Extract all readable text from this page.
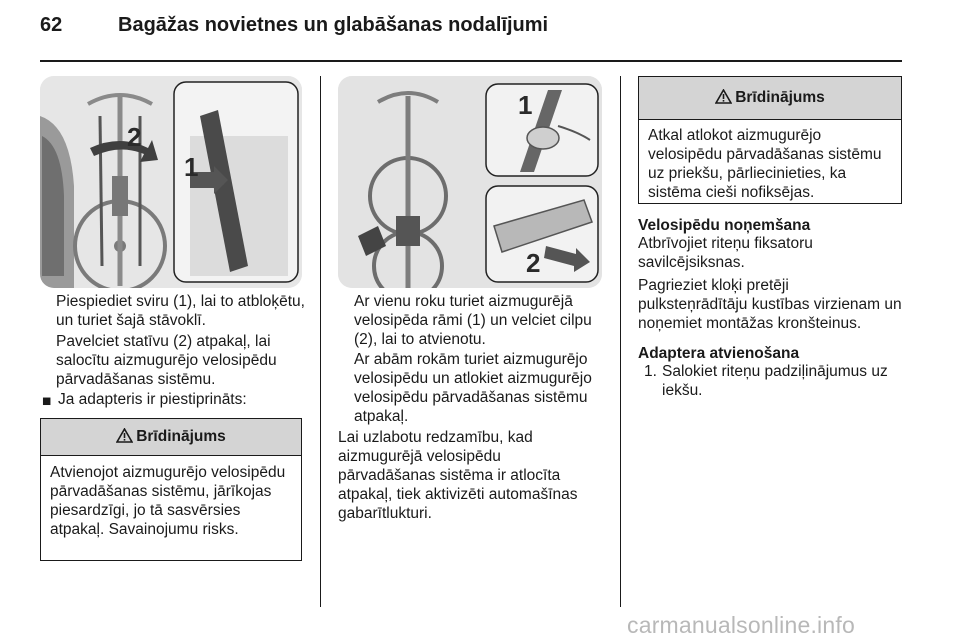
62	Bagāžas novietnes un glabāšanas nodalījumi
2
1
Piespiediet sviru (1), lai to atbloķētu, un turiet šajā stāvoklī.
Pavelciet statīvu (2) atpakaļ, lai salocītu aizmugurējo velosipēdu pārvadāšanas sistēmu.
■ Ja adapteris ir piestiprināts:
Brīdinājums
Atvienojot aizmugurējo velosipēdu pārvadāšanas sistēmu, jārīkojas piesardzīgi, jo tā sasvērsies atpakaļ. Savainojumu risks.
1
2
Ar vienu roku turiet aizmugurējā velosipēda rāmi (1) un velciet cilpu (2), lai to atvienotu.
Ar abām rokām turiet aizmugurējo velosipēdu un atlokiet aizmugurējo velosipēdu pārvadāšanas sistēmu atpakaļ.
Lai uzlabotu redzamību, kad aizmugurējā velosipēdu pārvadāšanas sistēma ir atlocīta atpakaļ, tiek aktivizēti automašīnas gabarītlukturi.
Brīdinājums
Atkal atlokot aizmugurējo velosipēdu pārvadāšanas sistēmu uz priekšu, pārliecinieties, ka sistēma cieši nofiksējas.
Velosipēdu noņemšana
Atbrīvojiet riteņu fiksatoru savilcējsiksnas.
Pagrieziet kloķi pretēji pulksteņrādītāju kustības virzienam un noņemiet montāžas kronšteinus.
Adaptera atvienošana
1. Salokiet riteņu padziļinājumus uz iekšu.
carmanualsonline.info
